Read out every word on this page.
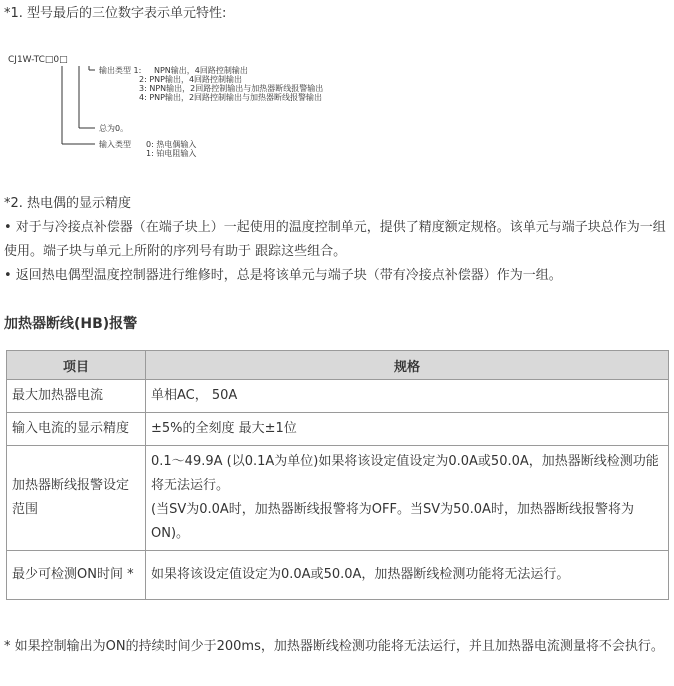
*1. 型号最后的三位数字表示单元特性:
CJ1W-TC□0□
输出类型 1: NPN输出，4回路控制输出
2: PNP输出，4回路控制输出
3: NPN输出，2回路控制输出与加热器断线报警输出
4: PNP输出，2回路控制输出与加热器断线报警输出
总为0。
输入类型 0: 热电偶输入
1: 铂电阻输入

*2. 热电偶的显示精度

• 对于与冷接点补偿器（在端子块上）一起使用的温度控制单元，提供了精度额定规格。该单元与端子块总作为一组使用。端子块与单元上所附的序列号有助于 跟踪这些组合。

• 返回热电偶型温度控制器进行维修时，总是将该单元与端子块（带有冷接点补偿器）作为一组。

加热器断线(HB)报警
项目	规格
最大加热器电流	单相AC， 50A
输入电流的显示精度	±5%的全刻度 最大±1位
加热器断线报警设定范围	0.1～49.9A (以0.1A为单位)如果将该设定值设定为0.0A或50.0A，加热器断线检测功能将无法运行。
(当SV为0.0A时，加热器断线报警将为OFF。当SV为50.0A时，加热器断线报警将为ON)。

最少可检测ON时间 *	如果将该设定值设定为0.0A或50.0A，加热器断线检测功能将无法运行。
* 如果控制输出为ON的持续时间少于200ms，加热器断线检测功能将无法运行，并且加热器电流测量将不会执行。
